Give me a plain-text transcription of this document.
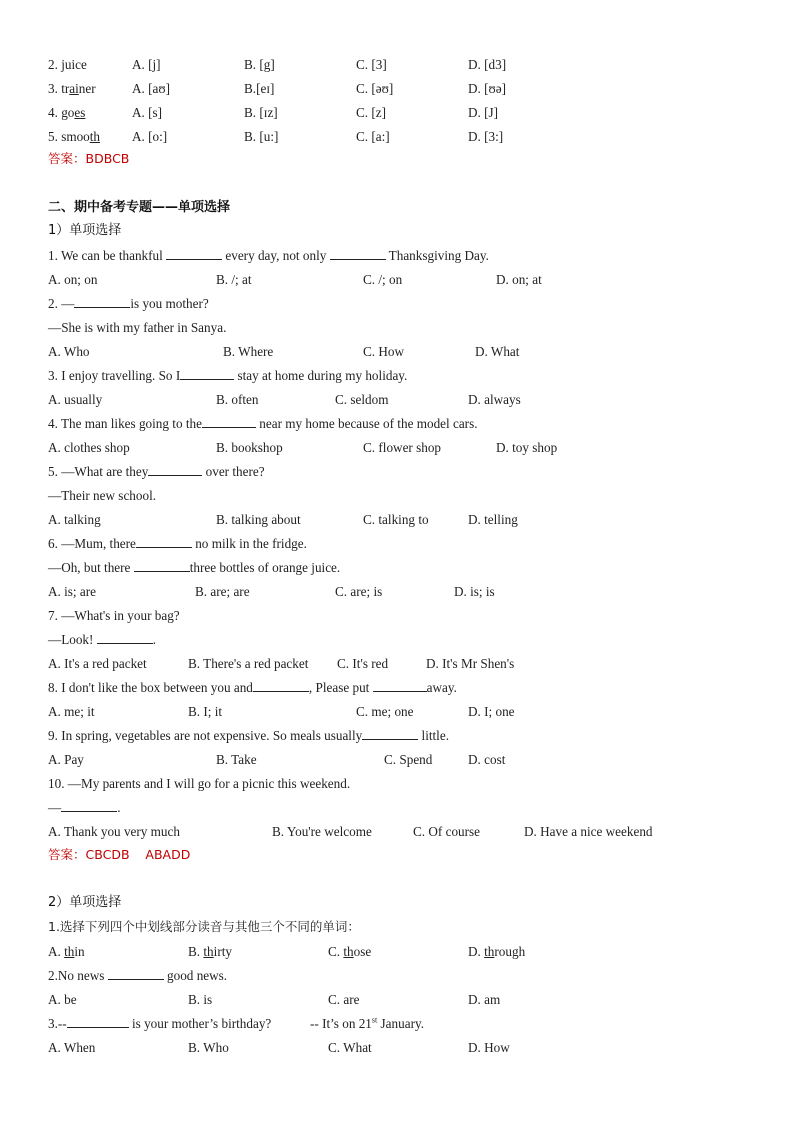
2. juice	A. [j]	B. [g]	C. [3]	D. [d3]
3. trainer	A. [aʊ]	B.[eɪ]	C. [əʊ]	D. [ʊə]
4. goes	A. [s]	B. [ɪz]	C. [z]	D. [J]
5. smooth A. [o:]	B. [u:]	C. [a:]	D. [3:]
答案：BDBCB
二、期中备考专题——单项选择
1）单项选择
1. We can be thankful	every day, not only	Thanksgiving Day.
A. on; on	B. /; at	C. /; on	D. on; at
2. —	is you mother?
—She is with my father in Sanya.
A. Who	B. Where	C. How	D. What
3. I enjoy travelling. So I	stay at home during my holiday.
A. usually	B. often	C. seldom	D. always
4. The man likes going to the	near my home because of the model cars.
A. clothes shop	B. bookshop	C. flower shop	D. toy shop
5. —What are they	over there?
—Their new school.
A. talking	B. talking about	C. talking to	D. telling
6. —Mum, there	no milk in the fridge.
—Oh, but there	three bottles of orange juice.
A. is; are	B. are; are	C. are; is	D. is; is
7. —What's in your bag?
—Look!	.
A. It's a red packet	B. There's a red packet C. It's red	D. It's Mr Shen's
8. I don't like the box between you and	, Please put	away.
A. me; it	B. I; it	C. me; one	D. I; one
9. In spring, vegetables are not expensive. So meals usually	little.
A. Pay	B. Take	C. Spend	D. cost
10. —My parents and I will go for a picnic this weekend.
—	.
A. Thank you very much	B. You're welcome	C. Of course	D. Have a nice weekend
答案：CBCDB    ABADD
2）单项选择
1.选择下列四个中划线部分读音与其他三个不同的单词：
A. thin	B. thirty	C. those	D. through
2.No news	good news.
A. be	B. is	C. are	D. am
3.--	is your mother’s birthday?	-- It’s on 21st January.
A. When	B. Who	C. What	D. How
